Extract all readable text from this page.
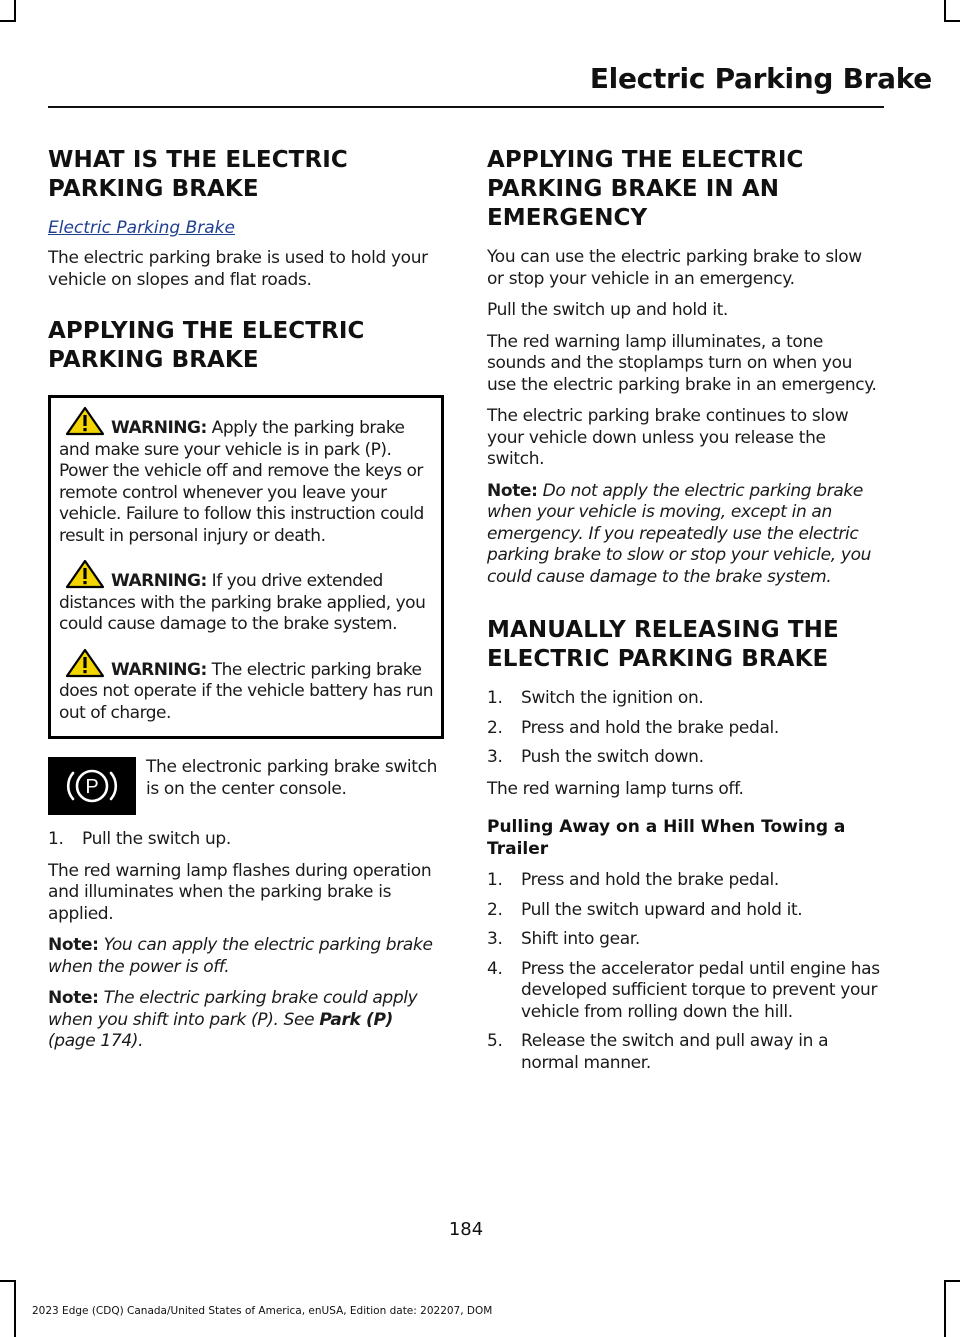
Electric Parking Brake
WHAT IS THE ELECTRIC PARKING BRAKE
Electric Parking Brake

The electric parking brake is used to hold your vehicle on slopes and flat roads.

APPLYING THE ELECTRIC PARKING BRAKE
WARNING: Apply the parking brake and make sure your vehicle is in park (P). Power the vehicle off and remove the keys or remote control whenever you leave your vehicle. Failure to follow this instruction could result in personal injury or death.
WARNING: If you drive extended distances with the parking brake applied, you could cause damage to the brake system.
WARNING: The electric parking brake does not operate if the vehicle battery has run out of charge.
P
The electronic parking brake switch is on the center console.
1.	Pull the switch up.

The red warning lamp flashes during operation and illuminates when the parking brake is applied.

Note: You can apply the electric parking brake when the power is off.

Note: The electric parking brake could apply when you shift into park (P). See Park (P) (page 174).

APPLYING THE ELECTRIC PARKING BRAKE IN AN EMERGENCY

You can use the electric parking brake to slow or stop your vehicle in an emergency.

Pull the switch up and hold it.

The red warning lamp illuminates, a tone sounds and the stoplamps turn on when you use the electric parking brake in an emergency.

The electric parking brake continues to slow your vehicle down unless you release the switch.

Note: Do not apply the electric parking brake when your vehicle is moving, except in an emergency. If you repeatedly use the electric parking brake to slow or stop your vehicle, you could cause damage to the brake system.

MANUALLY RELEASING THE ELECTRIC PARKING BRAKE
1.	Switch the ignition on.
2.	Press and hold the brake pedal.
3.	Push the switch down.

The red warning lamp turns off.

Pulling Away on a Hill When Towing a Trailer
1.	Press and hold the brake pedal.
2.	Pull the switch upward and hold it.
3.	Shift into gear.
4.	Press the accelerator pedal until engine has developed sufficient torque to prevent your vehicle from rolling down the hill.
5.	Release the switch and pull away in a normal manner.
184
2023 Edge (CDQ) Canada/United States of America, enUSA, Edition date: 202207, DOM
